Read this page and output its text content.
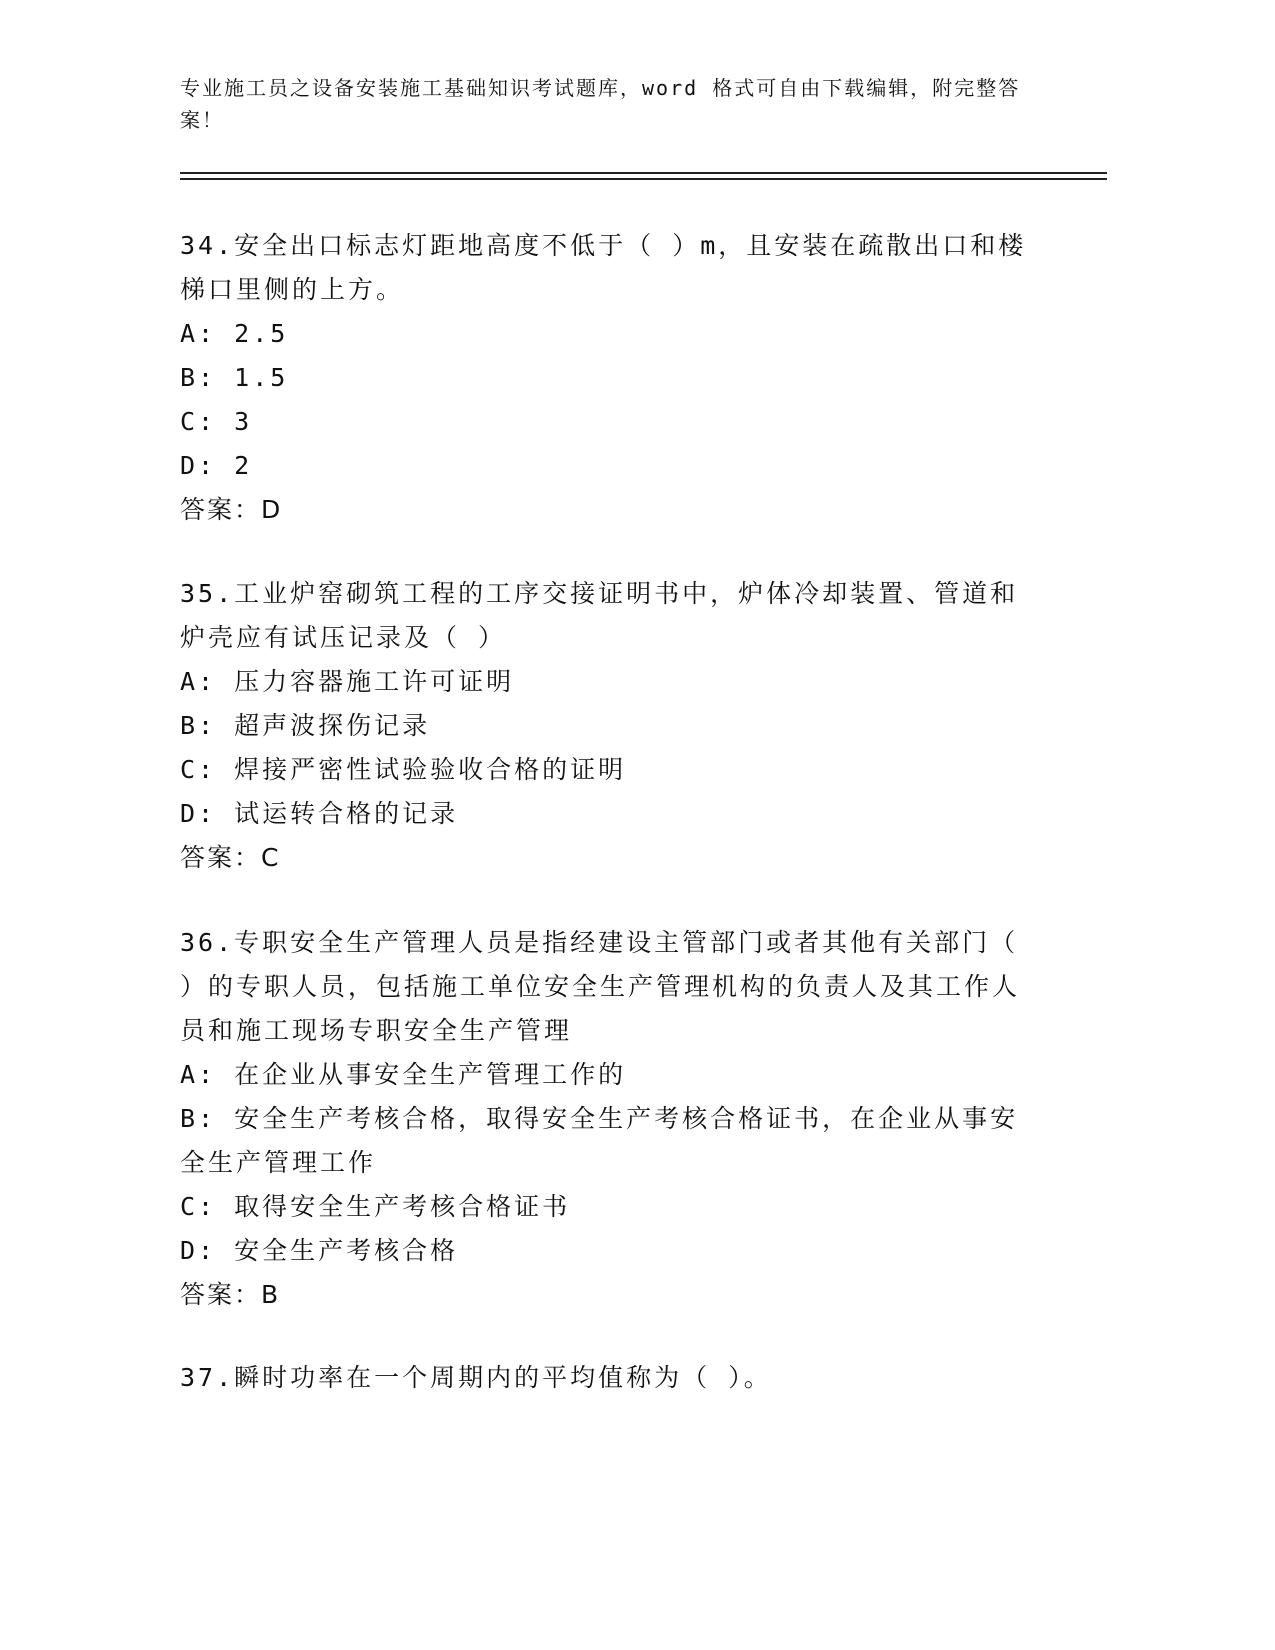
专业施工员之设备安装施工基础知识考试题库，word 格式可自由下载编辑，附完整答案！

34.安全出口标志灯距地高度不低于（ ）m，且安装在疏散出口和楼梯口里侧的上方。

A: 2.5

B: 1.5

C: 3

D: 2

答案：D

35.工业炉窑砌筑工程的工序交接证明书中，炉体冷却装置、管道和炉壳应有试压记录及（ ）

A: 压力容器施工许可证明

B: 超声波探伤记录

C: 焊接严密性试验验收合格的证明

D: 试运转合格的记录

答案：C

36.专职安全生产管理人员是指经建设主管部门或者其他有关部门（ ）的专职人员，包括施工单位安全生产管理机构的负责人及其工作人员和施工现场专职安全生产管理

A: 在企业从事安全生产管理工作的

B: 安全生产考核合格，取得安全生产考核合格证书，在企业从事安全生产管理工作

C: 取得安全生产考核合格证书

D: 安全生产考核合格

答案：B

37.瞬时功率在一个周期内的平均值称为（ ）。
